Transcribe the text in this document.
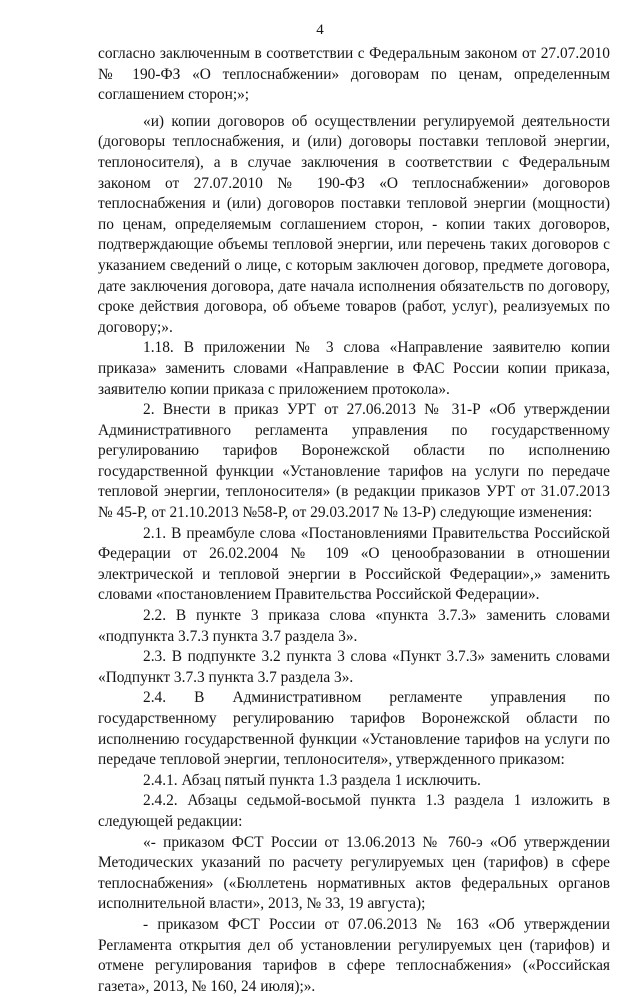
4

согласно заключенным в соответствии с Федеральным законом от 27.07.2010 № 190-ФЗ «О теплоснабжении» договорам по ценам, определенным соглашением сторон;»;

«и) копии договоров об осуществлении регулируемой деятельности (договоры теплоснабжения, и (или) договоры поставки тепловой энергии, теплоносителя), а в случае заключения в соответствии с Федеральным законом от 27.07.2010 № 190-ФЗ «О теплоснабжении» договоров теплоснабжения и (или) договоров поставки тепловой энергии (мощности) по ценам, определяемым соглашением сторон, - копии таких договоров, подтверждающие объемы тепловой энергии, или перечень таких договоров с указанием сведений о лице, с которым заключен договор, предмете договора, дате заключения договора, дате начала исполнения обязательств по договору, сроке действия договора, об объеме товаров (работ, услуг), реализуемых по договору;».

1.18. В приложении № 3 слова «Направление заявителю копии приказа» заменить словами «Направление в ФАС России копии приказа, заявителю копии приказа с приложением протокола».

2. Внести в приказ УРТ от 27.06.2013 № 31-Р «Об утверждении Административного регламента управления по государственному регулированию тарифов Воронежской области по исполнению государственной функции «Установление тарифов на услуги по передаче тепловой энергии, теплоносителя» (в редакции приказов УРТ от 31.07.2013 № 45-Р, от 21.10.2013 №58-Р, от 29.03.2017 № 13-Р) следующие изменения:

2.1. В преамбуле слова «Постановлениями Правительства Российской Федерации от 26.02.2004 № 109 «О ценообразовании в отношении электрической и тепловой энергии в Российской Федерации»,» заменить словами «постановлением Правительства Российской Федерации».

2.2. В пункте 3 приказа слова «пункта 3.7.3» заменить словами «подпункта 3.7.3 пункта 3.7 раздела 3».

2.3. В подпункте 3.2 пункта 3 слова «Пункт 3.7.3» заменить словами «Подпункт 3.7.3 пункта 3.7 раздела 3».

2.4. В Административном регламенте управления по государственному регулированию тарифов Воронежской области по исполнению государственной функции «Установление тарифов на услуги по передаче тепловой энергии, теплоносителя», утвержденного приказом:

2.4.1. Абзац пятый пункта 1.3 раздела 1 исключить.

2.4.2. Абзацы седьмой-восьмой пункта 1.3 раздела 1 изложить в следующей редакции:

«- приказом ФСТ России от 13.06.2013 № 760-э «Об утверждении Методических указаний по расчету регулируемых цен (тарифов) в сфере теплоснабжения» («Бюллетень нормативных актов федеральных органов исполнительной власти», 2013, № 33, 19 августа);

- приказом ФСТ России от 07.06.2013 № 163 «Об утверждении Регламента открытия дел об установлении регулируемых цен (тарифов) и отмене регулирования тарифов в сфере теплоснабжения» («Российская газета», 2013, № 160, 24 июля);».
